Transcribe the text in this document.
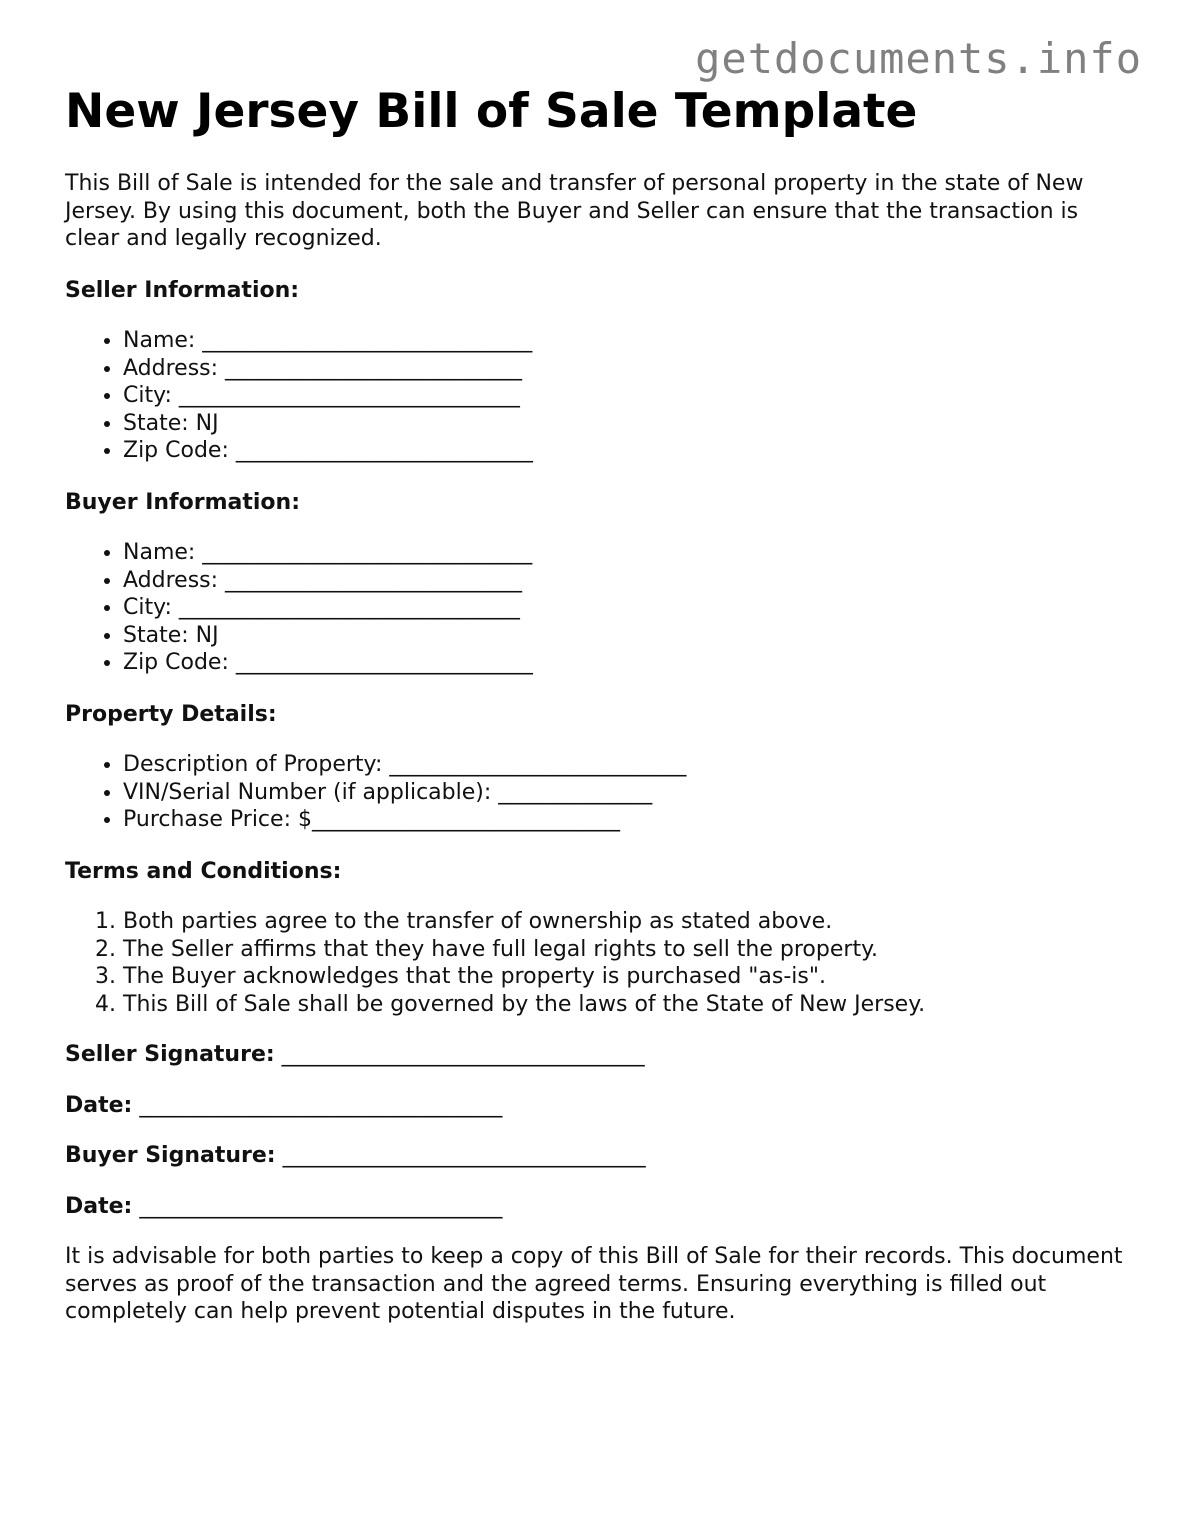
getdocuments.info
New Jersey Bill of Sale Template

This Bill of Sale is intended for the sale and transfer of personal property in the state of New Jersey. By using this document, both the Buyer and Seller can ensure that the transaction is clear and legally recognized.

Seller Information:
• Name: ______________________________
• Address: ___________________________
• City: _______________________________
• State: NJ
• Zip Code: ___________________________
Buyer Information:
• Name: ______________________________
• Address: ___________________________
• City: _______________________________
• State: NJ
• Zip Code: ___________________________
Property Details:
• Description of Property: ___________________________
• VIN/Serial Number (if applicable): ______________
• Purchase Price: $____________________________
Terms and Conditions:
1. Both parties agree to the transfer of ownership as stated above.
2. The Seller affirms that they have full legal rights to sell the property.
3. The Buyer acknowledges that the property is purchased "as-is".
4. This Bill of Sale shall be governed by the laws of the State of New Jersey.
Seller Signature: _________________________________
Date: _________________________________
Buyer Signature: _________________________________
Date: _________________________________

It is advisable for both parties to keep a copy of this Bill of Sale for their records. This document serves as proof of the transaction and the agreed terms. Ensuring everything is filled out completely can help prevent potential disputes in the future.
